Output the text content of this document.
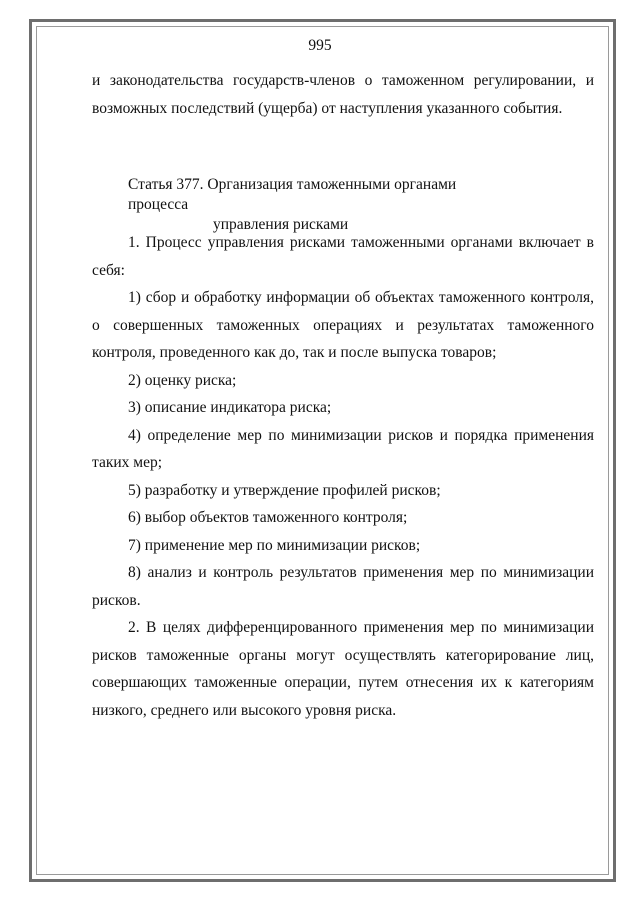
995

и законодательства государств-членов о таможенном регулировании, и возможных последствий (ущерба) от наступления указанного события.

Статья 377. Организация таможенными органами процесса
управления рисками

1. Процесс управления рисками таможенными органами включает в себя:

1) сбор и обработку информации об объектах таможенного контроля, о совершенных таможенных операциях и результатах таможенного контроля, проведенного как до, так и после выпуска товаров;

2) оценку риска;

3) описание индикатора риска;

4) определение мер по минимизации рисков и порядка применения таких мер;

5) разработку и утверждение профилей рисков;

6) выбор объектов таможенного контроля;

7) применение мер по минимизации рисков;

8) анализ и контроль результатов применения мер по минимизации рисков.

2. В целях дифференцированного применения мер по минимизации рисков таможенные органы могут осуществлять категорирование лиц, совершающих таможенные операции, путем отнесения их к категориям низкого, среднего или высокого уровня риска.
